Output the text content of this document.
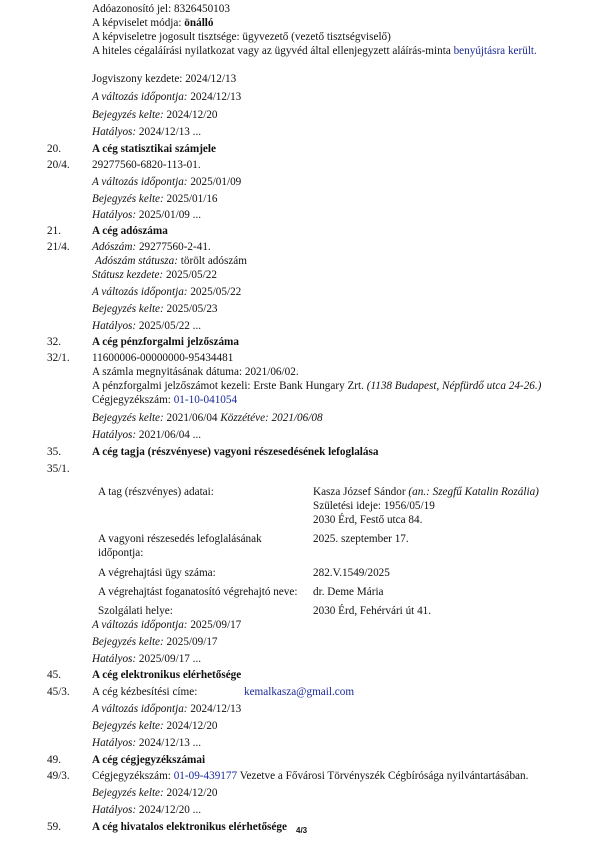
Adóazonosító jel: 8326450103
A képviselet módja: önálló
A képviseletre jogosult tisztsége: ügyvezető (vezető tisztségviselő)
A hiteles cégaláírási nyilatkozat vagy az ügyvéd által ellenjegyzett aláírás-minta benyújtásra került.
Jogviszony kezdete: 2024/12/13
A változás időpontja: 2024/12/13
Bejegyzés kelte: 2024/12/20
Hatályos: 2024/12/13 ...
20.	A cég statisztikai számjele
20/4. 29277560-6820-113-01.
A változás időpontja: 2025/01/09
Bejegyzés kelte: 2025/01/16
Hatályos: 2025/01/09 ...
21.	A cég adószáma
21/4. Adószám: 29277560-2-41.
Adószám státusza: törölt adószám
Státusz kezdete: 2025/05/22
A változás időpontja: 2025/05/22
Bejegyzés kelte: 2025/05/23
Hatályos: 2025/05/22 ...
32.	A cég pénzforgalmi jelzőszáma
32/1. 11600006-00000000-95434481
A számla megnyitásának dátuma: 2021/06/02.
A pénzforgalmi jelzőszámot kezeli: Erste Bank Hungary Zrt. (1138 Budapest, Népfürdő utca 24-26.)
Cégjegyzékszám: 01-10-041054
Bejegyzés kelte: 2021/06/04 Közzétéve: 2021/06/08
Hatályos: 2021/06/04 ...
35.	A cég tagja (részvényese) vagyoni részesedésének lefoglalása
35/1.
A tag (részvényes) adatai:	Kasza József Sándor (an.: Szegfű Katalin Rozália)
Születési ideje: 1956/05/19
2030 Érd, Festő utca 84.
A vagyoni részesedés lefoglalásának	2025. szeptember 17.
időpontja:
A végrehajtási ügy száma:	282.V.1549/2025
A végrehajtást foganatosító végrehajtó neve: dr. Deme Mária
Szolgálati helye:	2030 Érd, Fehérvári út 41.
A változás időpontja: 2025/09/17
Bejegyzés kelte: 2025/09/17
Hatályos: 2025/09/17 ...
45.	A cég elektronikus elérhetősége
45/3. A cég kézbesítési címe:	kemalkasza@gmail.com
A változás időpontja: 2024/12/13
Bejegyzés kelte: 2024/12/20
Hatályos: 2024/12/13 ...
49.	A cég cégjegyzékszámai
49/3. Cégjegyzékszám: 01-09-439177 Vezetve a Fővárosi Törvényszék Cégbírósága nyilvántartásában.
Bejegyzés kelte: 2024/12/20
Hatályos: 2024/12/20 ...
59.	A cég hivatalos elektronikus elérhetősége 4/3
